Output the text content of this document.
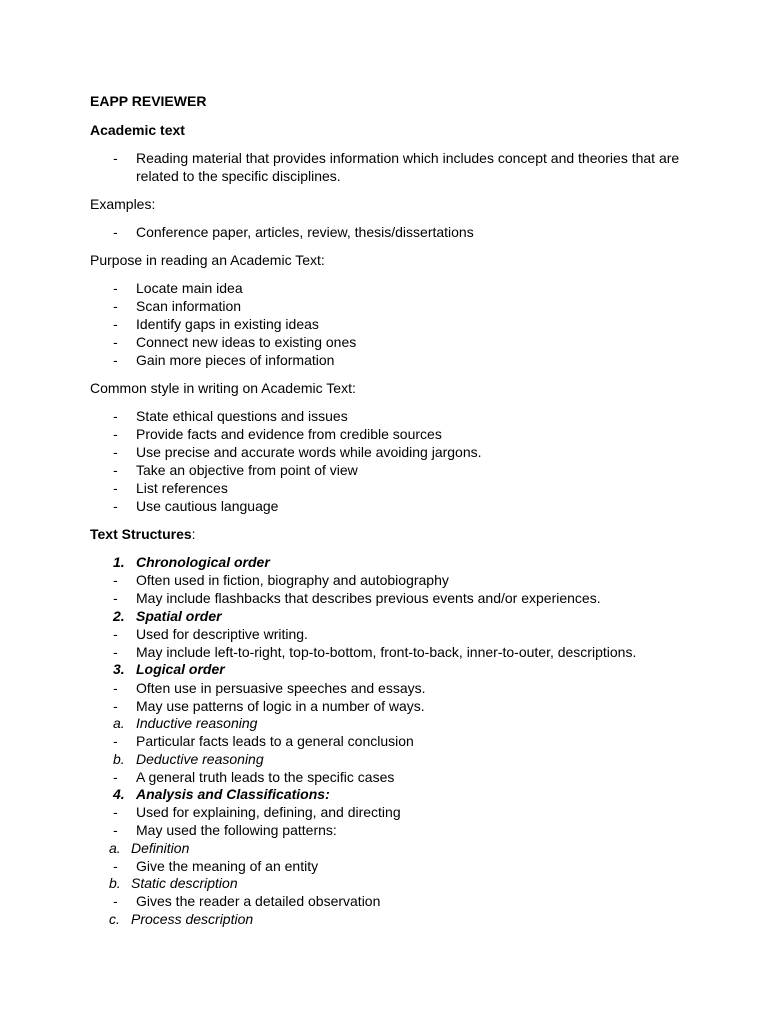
EAPP REVIEWER
Academic text
- Reading material that provides information which includes concept and theories that are
related to the specific disciplines.
Examples:
- Conference paper, articles, review, thesis/dissertations
Purpose in reading an Academic Text:
- Locate main idea
- Scan information
- Identify gaps in existing ideas
- Connect new ideas to existing ones
- Gain more pieces of information
Common style in writing on Academic Text:
- State ethical questions and issues
- Provide facts and evidence from credible sources
- Use precise and accurate words while avoiding jargons.
- Take an objective from point of view
- List references
- Use cautious language
Text Structures:
1. Chronological order
- Often used in fiction, biography and autobiography
- May include flashbacks that describes previous events and/or experiences.
2. Spatial order
- Used for descriptive writing.
- May include left-to-right, top-to-bottom, front-to-back, inner-to-outer, descriptions.
3. Logical order
- Often use in persuasive speeches and essays.
- May use patterns of logic in a number of ways.
a. Inductive reasoning
- Particular facts leads to a general conclusion
b. Deductive reasoning
- A general truth leads to the specific cases
4. Analysis and Classifications:
- Used for explaining, defining, and directing
- May used the following patterns:
a. Definition
- Give the meaning of an entity
b. Static description
- Gives the reader a detailed observation
c. Process description
